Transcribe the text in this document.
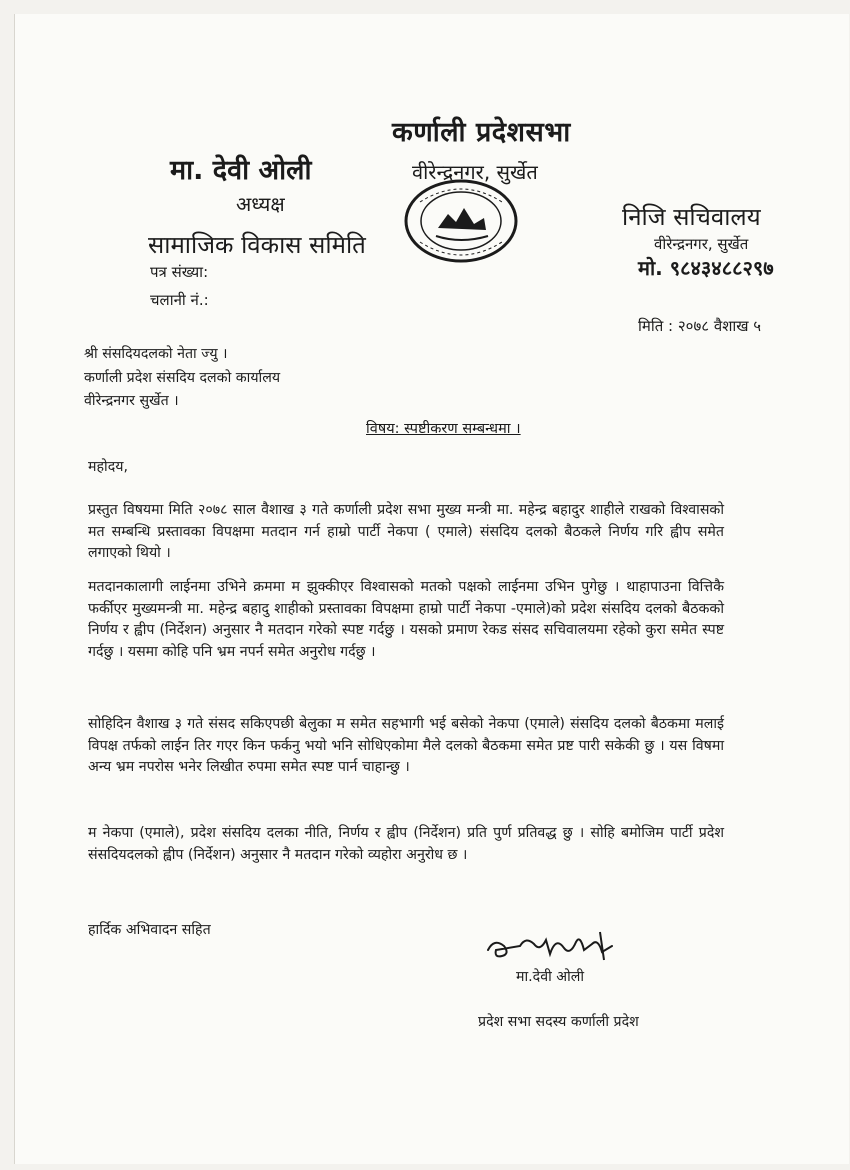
कर्णाली प्रदेशसभा
मा. देवी ओली	वीरेन्द्रनगर, सुर्खेत
अध्यक्ष
सामाजिक विकास समिति
निजि सचिवालय
वीरेन्द्रनगर, सुर्खेत
मो. ९८४३४८८२९७
पत्र संख्या:
चलानी नं.:
मिति : २०७८ वैशाख ५
श्री संसदियदलको नेता ज्यु ।
कर्णाली प्रदेश संसदिय दलको कार्यालय
वीरेन्द्रनगर सुर्खेत ।
विषय: स्पष्टीकरण सम्बन्धमा ।
महोदय,
प्रस्तुत विषयमा मिति २०७८ साल वैशाख ३ गते कर्णाली प्रदेश सभा मुख्य मन्त्री मा. महेन्द्र बहादुर शाहीले राखको विश्वासको मत सम्बन्धि प्रस्तावका विपक्षमा मतदान गर्न हाम्रो पार्टी नेकपा ( एमाले) संसदिय दलको बैठकले निर्णय गरि ह्वीप समेत लगाएको थियो ।
मतदानकालागी लाईनमा उभिने क्रममा म झुक्कीएर विश्वासको मतको पक्षको लाईनमा उभिन पुगेछु । थाहापाउना वित्तिकै फर्कीएर मुख्यमन्त्री मा. महेन्द्र बहादु शाहीको प्रस्तावका विपक्षमा हाम्रो पार्टी नेकपा -एमाले)को प्रदेश संसदिय दलको बैठकको निर्णय र ह्वीप (निर्देशन) अनुसार नै मतदान गरेको स्पष्ट गर्दछु । यसको प्रमाण रेकड संसद सचिवालयमा रहेको कुरा समेत स्पष्ट गर्दछु । यसमा कोहि पनि भ्रम नपर्न समेत अनुरोध गर्दछु ।
सोहिदिन वैशाख ३ गते संसद सकिएपछी बेलुका म समेत सहभागी भई बसेको नेकपा (एमाले) संसदिय दलको बैठकमा मलाई विपक्ष तर्फको लाईन तिर गएर किन फर्कनु भयो भनि सोधिएकोमा मैले दलको बैठकमा समेत प्रष्ट पारी सकेकी छु । यस विषमा अन्य भ्रम नपरोस भनेर लिखीत रुपमा समेत स्पष्ट पार्न चाहान्छु ।
म नेकपा (एमाले), प्रदेश संसदिय दलका नीति, निर्णय र ह्वीप (निर्देशन) प्रति पुर्ण प्रतिवद्ध छु । सोहि बमोजिम पार्टी प्रदेश संसदियदलको ह्वीप (निर्देशन) अनुसार नै मतदान गरेको व्यहोरा अनुरोध छ ।
हार्दिक अभिवादन सहित
मा.देवी ओली
प्रदेश सभा सदस्य कर्णाली प्रदेश
